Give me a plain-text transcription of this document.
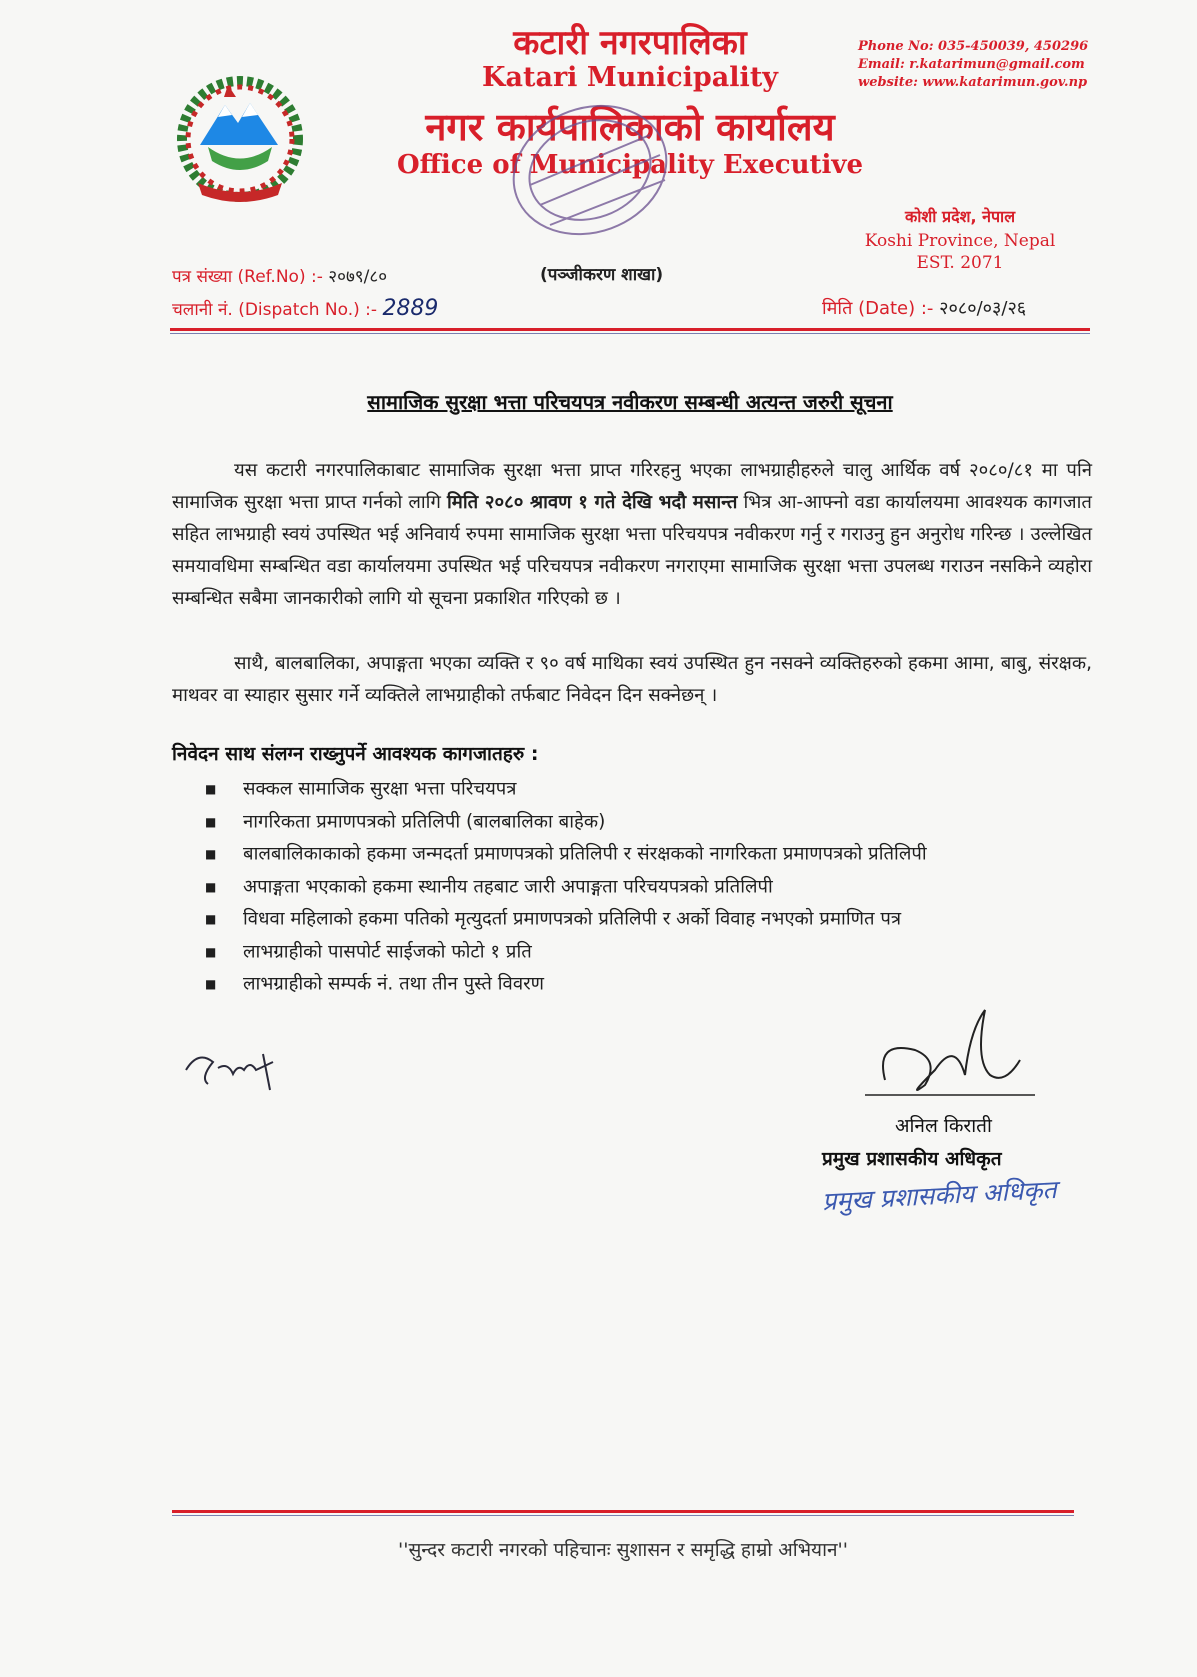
कटारी नगरपालिका
Katari Municipality
नगर कार्यपालिकाको कार्यालय
Office of Municipality Executive
Phone No: 035-450039, 450296
Email: r.katarimun@gmail.com
website: www.katarimun.gov.np
कोशी प्रदेश, नेपाल
Koshi Province, Nepal
EST. 2071
(पञ्जीकरण शाखा)
पत्र संख्या (Ref.No) :- २०७९/८०
चलानी नं. (Dispatch No.) :- 2889	मिति (Date) :- २०८०/०३/२६
सामाजिक सुरक्षा भत्ता परिचयपत्र नवीकरण सम्बन्धी अत्यन्त जरुरी सूचना
यस कटारी नगरपालिकाबाट सामाजिक सुरक्षा भत्ता प्राप्त गरिरहनु भएका लाभग्राहीहरुले चालु आर्थिक वर्ष २०८०/८१ मा पनि सामाजिक सुरक्षा भत्ता प्राप्त गर्नको लागि मिति २०८० श्रावण १ गते देखि भदौ मसान्त भित्र आ-आफ्नो वडा कार्यालयमा आवश्यक कागजात सहित लाभग्राही स्वयं उपस्थित भई अनिवार्य रुपमा सामाजिक सुरक्षा भत्ता परिचयपत्र नवीकरण गर्नु र गराउनु हुन अनुरोध गरिन्छ । उल्लेखित समयावधिमा सम्बन्धित वडा कार्यालयमा उपस्थित भई परिचयपत्र नवीकरण नगराएमा सामाजिक सुरक्षा भत्ता उपलब्ध गराउन नसकिने व्यहोरा सम्बन्धित सबैमा जानकारीको लागि यो सूचना प्रकाशित गरिएको छ ।
साथै, बालबालिका, अपाङ्गता भएका व्यक्ति र ९० वर्ष माथिका स्वयं उपस्थित हुन नसक्ने व्यक्तिहरुको हकमा आमा, बाबु, संरक्षक, माथवर वा स्याहार सुसार गर्ने व्यक्तिले लाभग्राहीको तर्फबाट निवेदन दिन सक्नेछन् ।
निवेदन साथ संलग्न राख्नुपर्ने आवश्यक कागजातहरु :
■ सक्कल सामाजिक सुरक्षा भत्ता परिचयपत्र
■ नागरिकता प्रमाणपत्रको प्रतिलिपी (बालबालिका बाहेक)
■ बालबालिकाकाको हकमा जन्मदर्ता प्रमाणपत्रको प्रतिलिपी र संरक्षकको नागरिकता प्रमाणपत्रको प्रतिलिपी
■ अपाङ्गता भएकाको हकमा स्थानीय तहबाट जारी अपाङ्गता परिचयपत्रको प्रतिलिपी
■ विधवा महिलाको हकमा पतिको मृत्युदर्ता प्रमाणपत्रको प्रतिलिपी र अर्को विवाह नभएको प्रमाणित पत्र
■ लाभग्राहीको पासपोर्ट साईजको फोटो १ प्रति
■ लाभग्राहीको सम्पर्क नं. तथा तीन पुस्ते विवरण
अनिल किराती
प्रमुख प्रशासकीय अधिकृत
प्रमुख प्रशासकीय अधिकृत
''सुन्दर कटारी नगरको पहिचानः सुशासन र समृद्धि हाम्रो अभियान''
